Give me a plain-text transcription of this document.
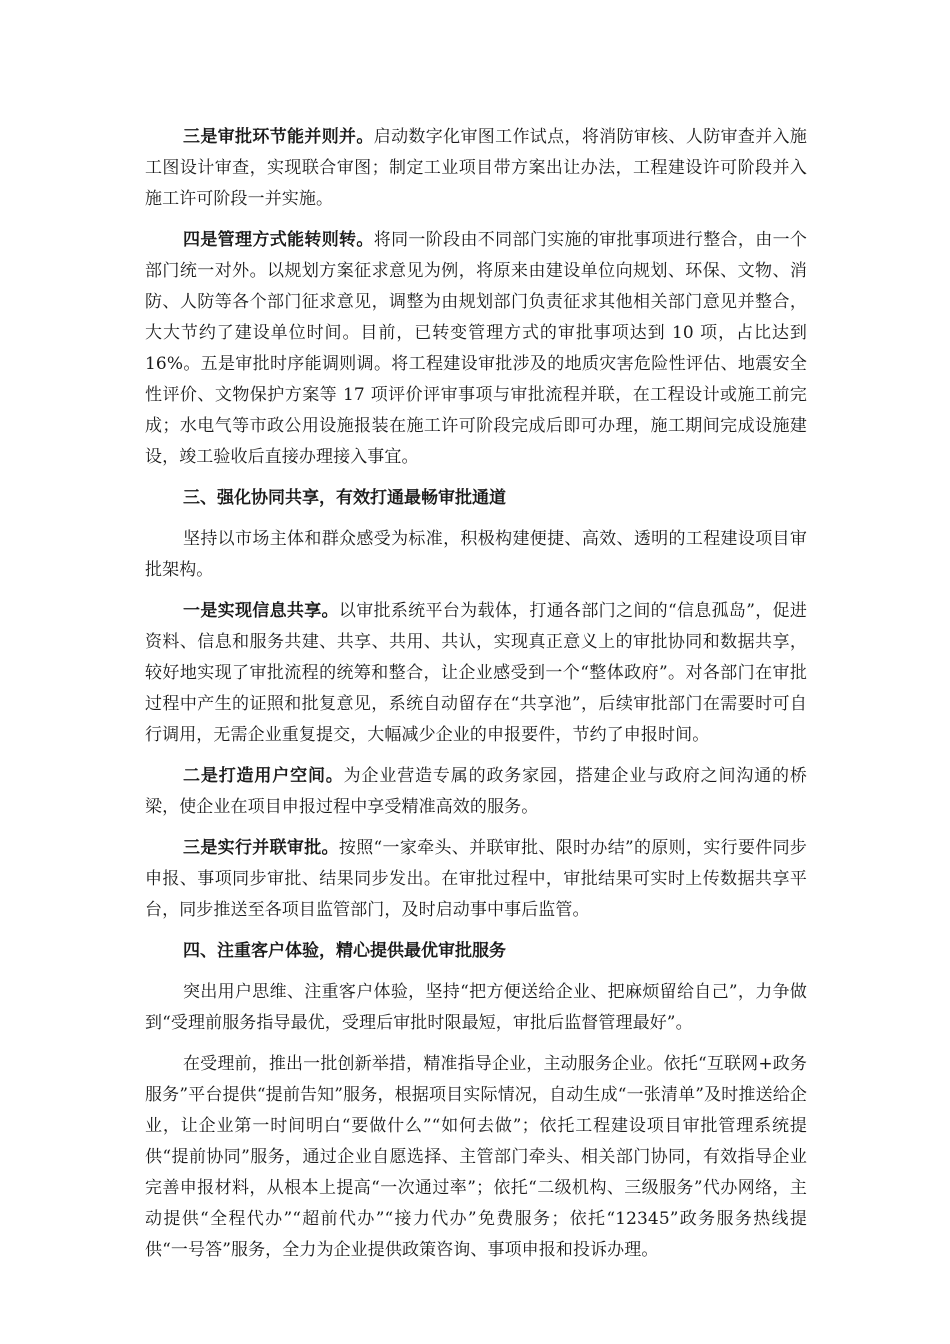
三是审批环节能并则并。启动数字化审图工作试点，将消防审核、人防审查并入施工图设计审查，实现联合审图；制定工业项目带方案出让办法，工程建设许可阶段并入施工许可阶段一并实施。

四是管理方式能转则转。将同一阶段由不同部门实施的审批事项进行整合，由一个部门统一对外。以规划方案征求意见为例，将原来由建设单位向规划、环保、文物、消防、人防等各个部门征求意见，调整为由规划部门负责征求其他相关部门意见并整合，大大节约了建设单位时间。目前，已转变管理方式的审批事项达到 10 项，占比达到 16%。五是审批时序能调则调。将工程建设审批涉及的地质灾害危险性评估、地震安全性评价、文物保护方案等 17 项评价评审事项与审批流程并联，在工程设计或施工前完成；水电气等市政公用设施报装在施工许可阶段完成后即可办理，施工期间完成设施建设，竣工验收后直接办理接入事宜。

三、强化协同共享，有效打通最畅审批通道

坚持以市场主体和群众感受为标准，积极构建便捷、高效、透明的工程建设项目审批架构。

一是实现信息共享。以审批系统平台为载体，打通各部门之间的“信息孤岛”，促进资料、信息和服务共建、共享、共用、共认，实现真正意义上的审批协同和数据共享，较好地实现了审批流程的统筹和整合，让企业感受到一个“整体政府”。对各部门在审批过程中产生的证照和批复意见，系统自动留存在“共享池”，后续审批部门在需要时可自行调用，无需企业重复提交，大幅减少企业的申报要件，节约了申报时间。

二是打造用户空间。为企业营造专属的政务家园，搭建企业与政府之间沟通的桥梁，使企业在项目申报过程中享受精准高效的服务。

三是实行并联审批。按照“一家牵头、并联审批、限时办结”的原则，实行要件同步申报、事项同步审批、结果同步发出。在审批过程中，审批结果可实时上传数据共享平台，同步推送至各项目监管部门，及时启动事中事后监管。

四、注重客户体验，精心提供最优审批服务

突出用户思维、注重客户体验，坚持“把方便送给企业、把麻烦留给自己”，力争做到“受理前服务指导最优，受理后审批时限最短，审批后监督管理最好”。

在受理前，推出一批创新举措，精准指导企业，主动服务企业。依托“互联网+政务服务”平台提供“提前告知”服务，根据项目实际情况，自动生成“一张清单”及时推送给企业，让企业第一时间明白“要做什么”“如何去做”；依托工程建设项目审批管理系统提供“提前协同”服务，通过企业自愿选择、主管部门牵头、相关部门协同，有效指导企业完善申报材料，从根本上提高“一次通过率”；依托“二级机构、三级服务”代办网络，主动提供“全程代办”“超前代办”“接力代办”免费服务；依托“12345”政务服务热线提供“一号答”服务，全力为企业提供政策咨询、事项申报和投诉办理。
